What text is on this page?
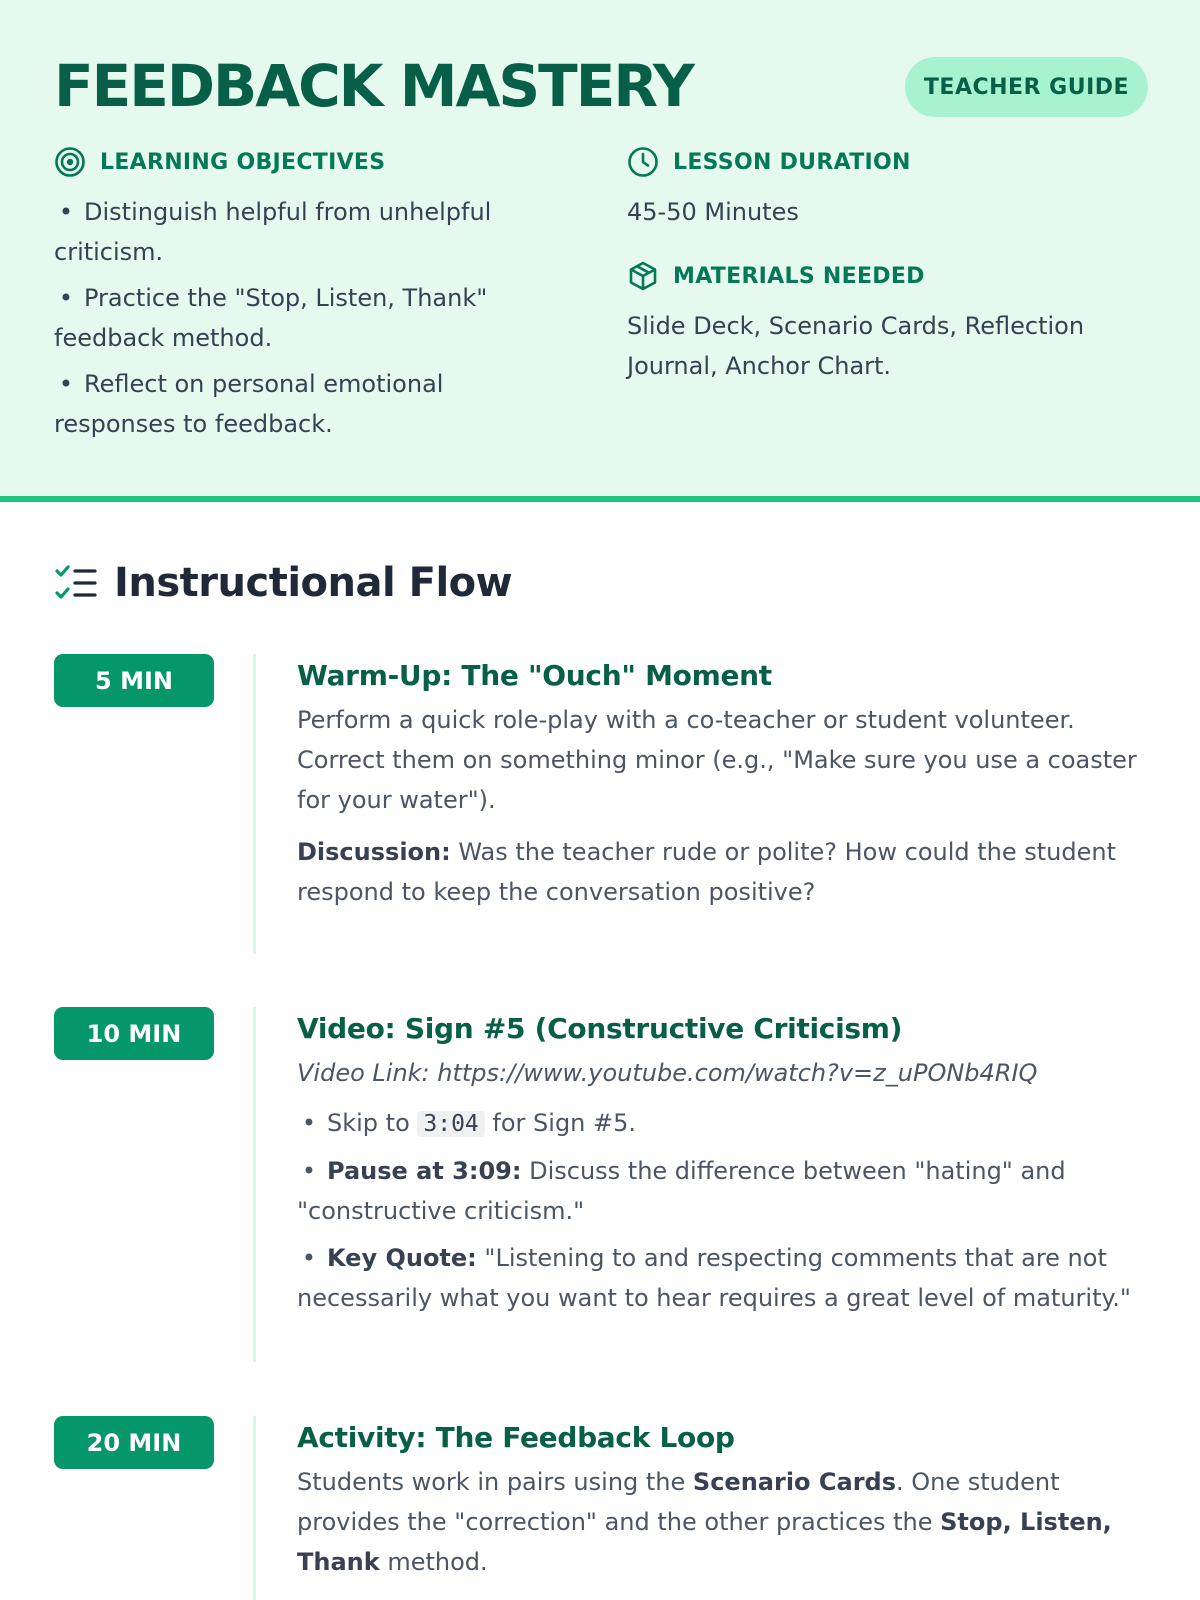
FEEDBACK MASTERY	TEACHER GUIDE
LEARNING OBJECTIVES
• Distinguish helpful from unhelpful criticism.
• Practice the "Stop, Listen, Thank" feedback method.
• Reflect on personal emotional responses to feedback.
LESSON DURATION
45-50 Minutes
MATERIALS NEEDED
Slide Deck, Scenario Cards, Reflection Journal, Anchor Chart.
Instructional Flow
5 MIN	Warm-Up: The "Ouch" Moment

Perform a quick role-play with a co-teacher or student volunteer. Correct them on something minor (e.g., "Make sure you use a coaster for your water").

Discussion: Was the teacher rude or polite? How could the student respond to keep the conversation positive?

10 MIN	Video: Sign #5 (Constructive Criticism)
Video Link: https://www.youtube.com/watch?v=z_uPONb4RIQ
• Skip to 3:04 for Sign #5.
• Pause at 3:09: Discuss the difference between "hating" and "constructive criticism."
• Key Quote: "Listening to and respecting comments that are not necessarily what you want to hear requires a great level of maturity."
20 MIN	Activity: The Feedback Loop

Students work in pairs using the Scenario Cards. One student provides the "correction" and the other practices the Stop, Listen, Thank method.
